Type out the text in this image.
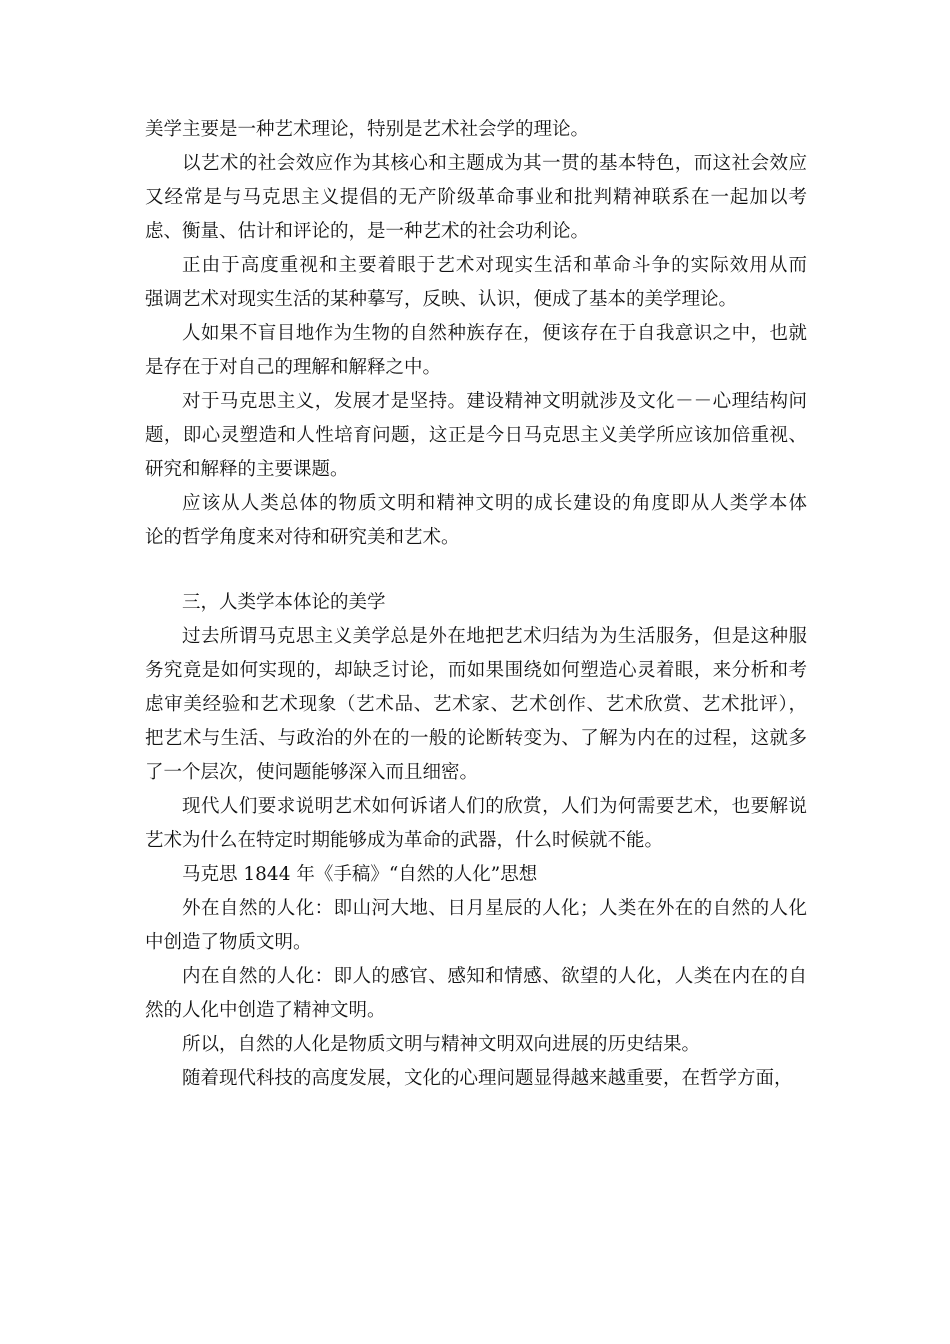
美学主要是一种艺术理论，特别是艺术社会学的理论。
以艺术的社会效应作为其核心和主题成为其一贯的基本特色，而这社会效应
又经常是与马克思主义提倡的无产阶级革命事业和批判精神联系在一起加以考
虑、衡量、估计和评论的，是一种艺术的社会功利论。
正由于高度重视和主要着眼于艺术对现实生活和革命斗争的实际效用从而
强调艺术对现实生活的某种摹写，反映、认识，便成了基本的美学理论。
人如果不盲目地作为生物的自然种族存在，便该存在于自我意识之中，也就
是存在于对自己的理解和解释之中。
对于马克思主义，发展才是坚持。建设精神文明就涉及文化－－心理结构问
题，即心灵塑造和人性培育问题，这正是今日马克思主义美学所应该加倍重视、
研究和解释的主要课题。
应该从人类总体的物质文明和精神文明的成长建设的角度即从人类学本体
论的哲学角度来对待和研究美和艺术。
三，人类学本体论的美学
过去所谓马克思主义美学总是外在地把艺术归结为为生活服务，但是这种服
务究竟是如何实现的，却缺乏讨论，而如果围绕如何塑造心灵着眼，来分析和考
虑审美经验和艺术现象（艺术品、艺术家、艺术创作、艺术欣赏、艺术批评），
把艺术与生活、与政治的外在的一般的论断转变为、了解为内在的过程，这就多
了一个层次，使问题能够深入而且细密。
现代人们要求说明艺术如何诉诸人们的欣赏，人们为何需要艺术，也要解说
艺术为什么在特定时期能够成为革命的武器，什么时候就不能。
马克思 1844 年《手稿》“自然的人化”思想
外在自然的人化：即山河大地、日月星辰的人化；人类在外在的自然的人化
中创造了物质文明。
内在自然的人化：即人的感官、感知和情感、欲望的人化，人类在内在的自
然的人化中创造了精神文明。
所以，自然的人化是物质文明与精神文明双向进展的历史结果。
随着现代科技的高度发展，文化的心理问题显得越来越重要，在哲学方面，
